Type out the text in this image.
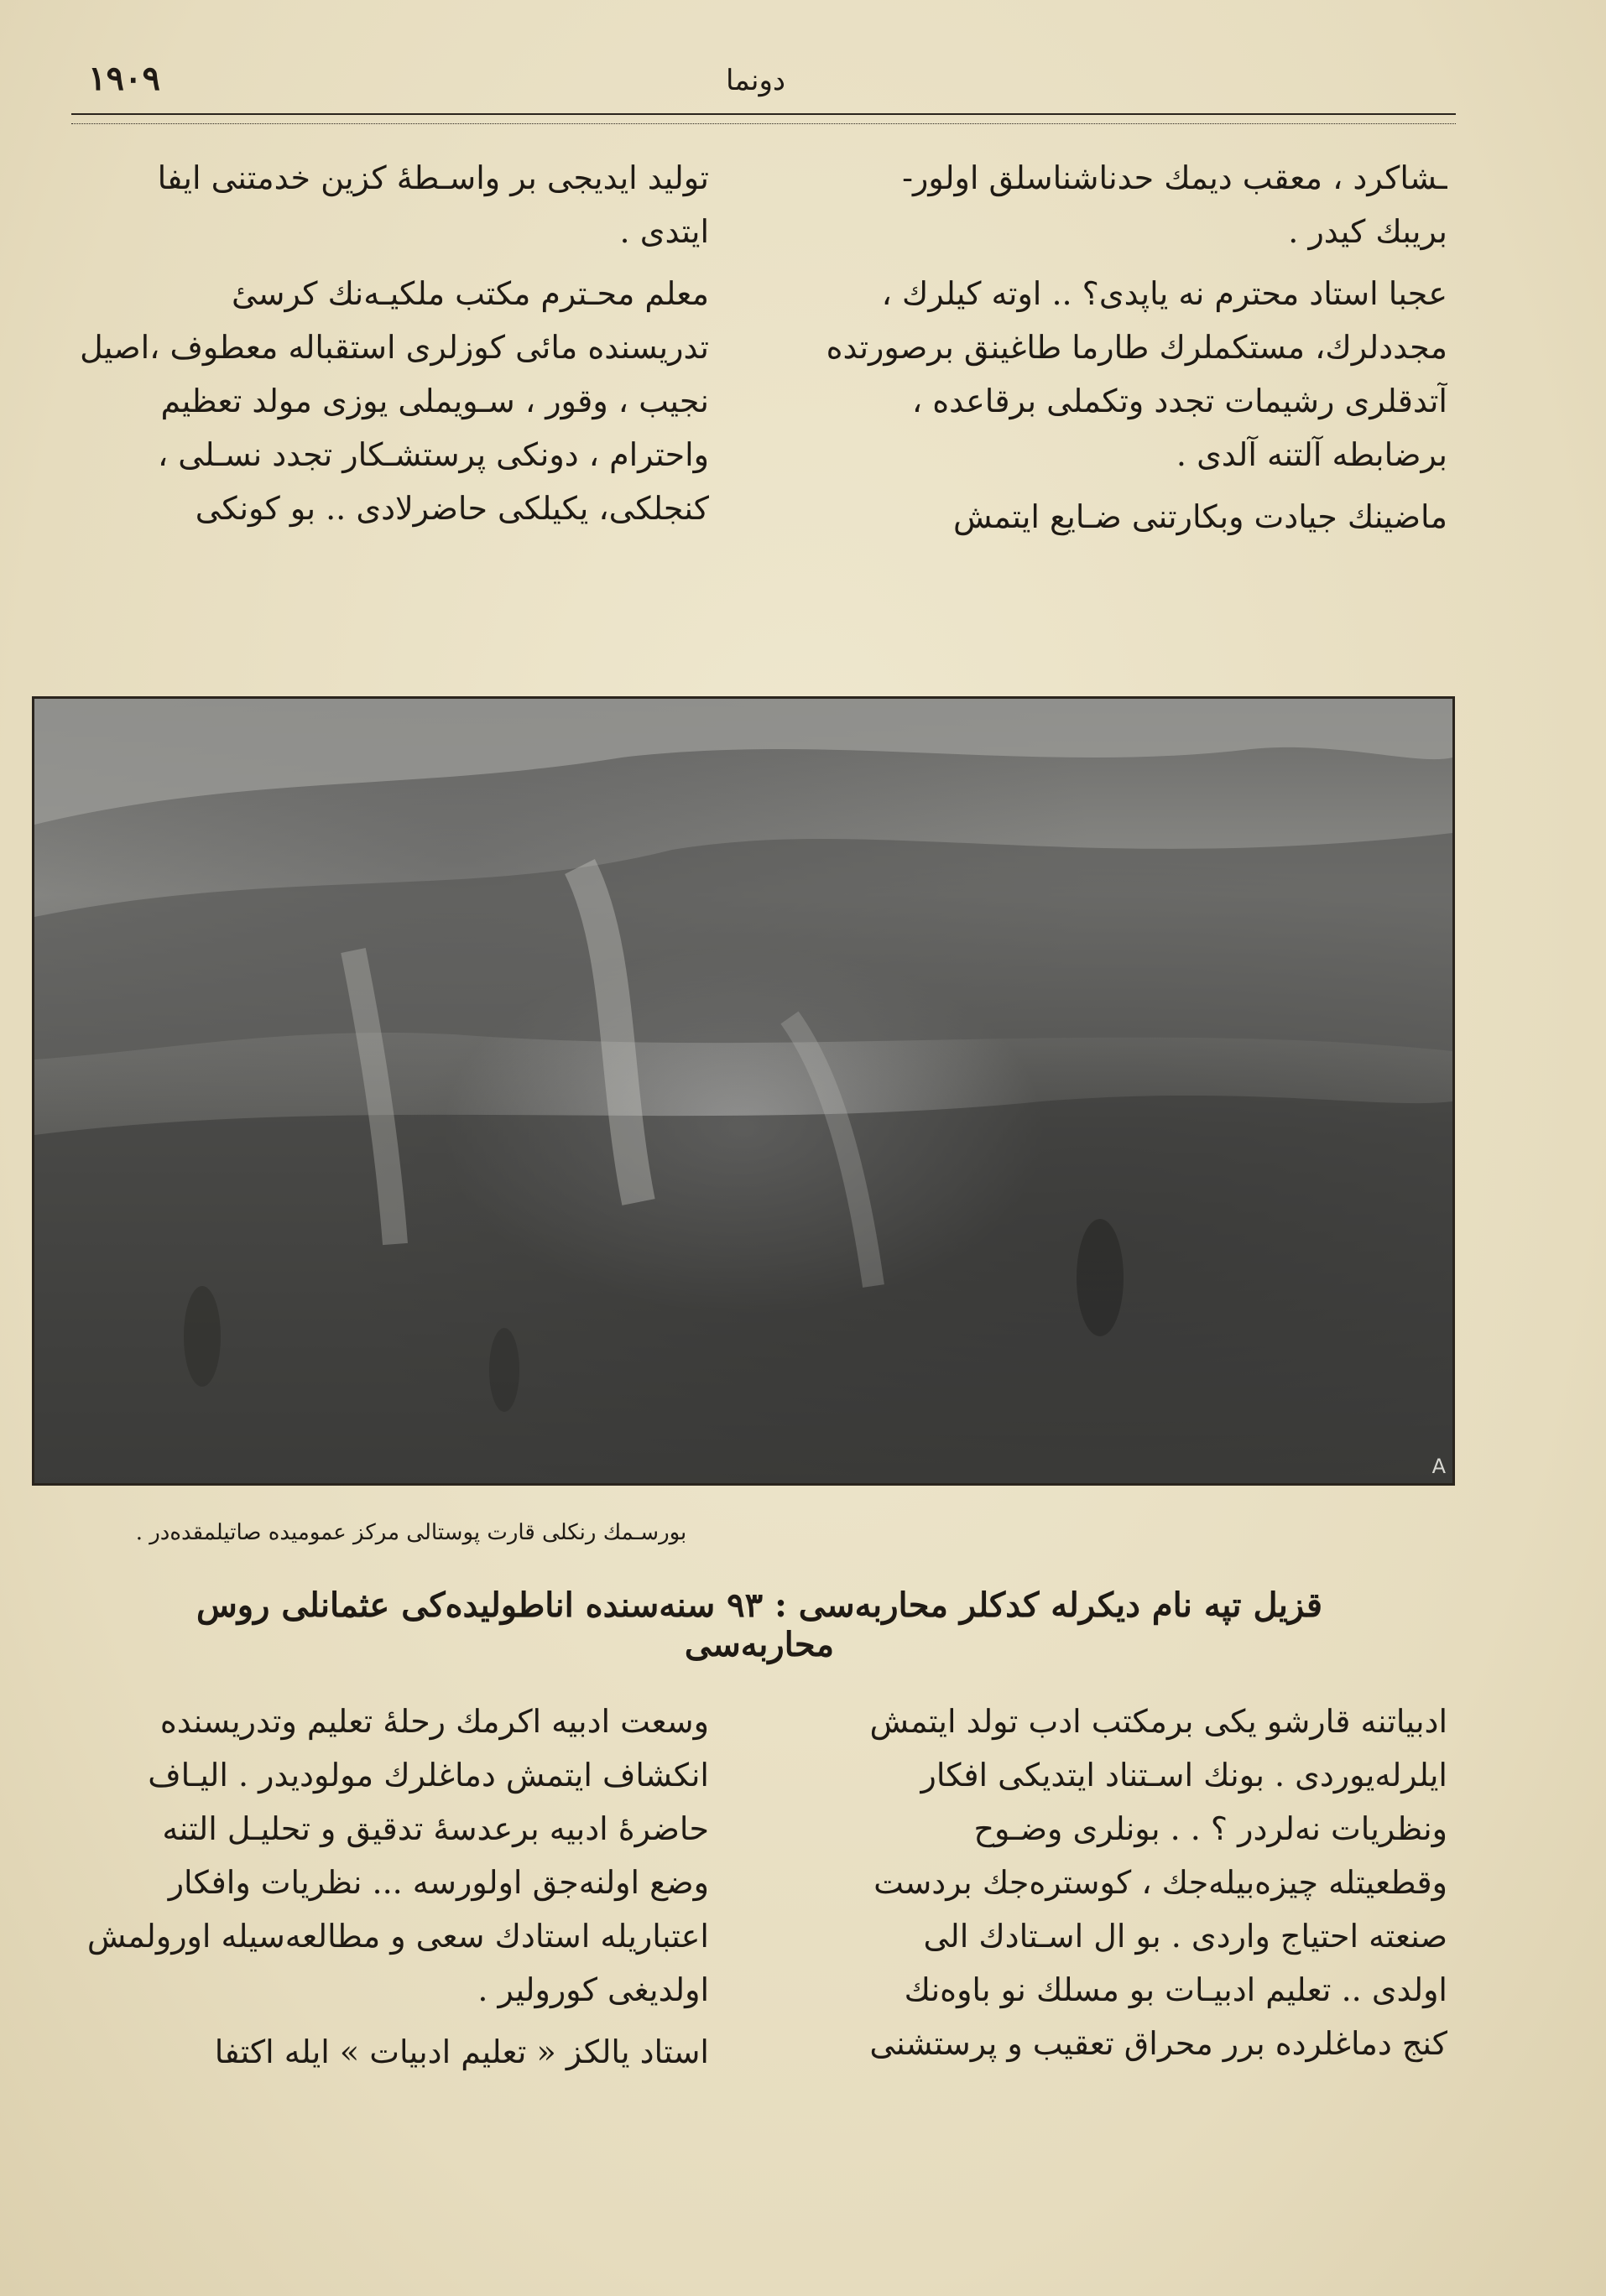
١٩٠٩	دونما

ـشاكرد ، معقب ديمك حدناشناسلق اولور-
بريبك كيدر .

عجبا استاد محترم نه ياپدى؟ .. اوته كيلرك ،
مجددلرك، مستكملرك طارما طاغينق برصورتده
آتدقلرى رشيمات تجدد وتكملى برقاعده ،
برضابطه آلتنه آلدى .

ماضينك جيادت وبكارتنى ضـايع ايتمش

توليد ايديجى بر واسـطهٔ كزين خدمتنى ايفا
ايتدى .

معلم محـترم مكتب ملكيـه‌نك كرسىٔ
تدريسنده مائى كوزلرى استقباله معطوف ،اصيل
نجيب ، وقور ، سـويملى يوزى مولد تعظيم
واحترام ، دونكى پرستشـكار تجدد نسـلى ،
كنجلكى، يكيلكى حاضرلادى .. بو كونكى

A
بورسـمك رنكلى قارت پوستالى مركز عموميده صاتيلمقده‌در .
قزيل تپه نام ديكرله كدكلر محاربه‌سى : ٩٣ سنه‌سنده اناطوليده‌كى عثمانلى روس محاربه‌سى

ادبياتنه قارشو يكى برمكتب ادب تولد ايتمش
ايلرله‌يوردى . بونك اسـتناد ايتديكى افكار
ونظريات نه‌لردر ؟ . . بونلرى وضـوح
وقطعيتله چيزه‌بيله‌جك ، كوستره‌جك بردست
صنعته احتياج واردى . بو ال اسـتادك الى
اولدى .. تعليم ادبيـات بو مسلك نو باوه‌نك
كنج دماغلرده برر محراق تعقيب و پرستشنى

وسعت ادبيه اكرمك رحلهٔ تعليم وتدريسنده
انكشاف ايتمش دماغلرك مولوديدر . اليـاف
حاضرهٔ ادبيه برعدسهٔ تدقيق و تحليـل التنه
وضع اولنه‌جق اولورسه ... نظريات وافكار
اعتباريله استادك سعى و مطالعه‌سيله اورولمش
اولديغى كورولير .

استاد يالكز « تعليم ادبيات » ايله اكتفا
